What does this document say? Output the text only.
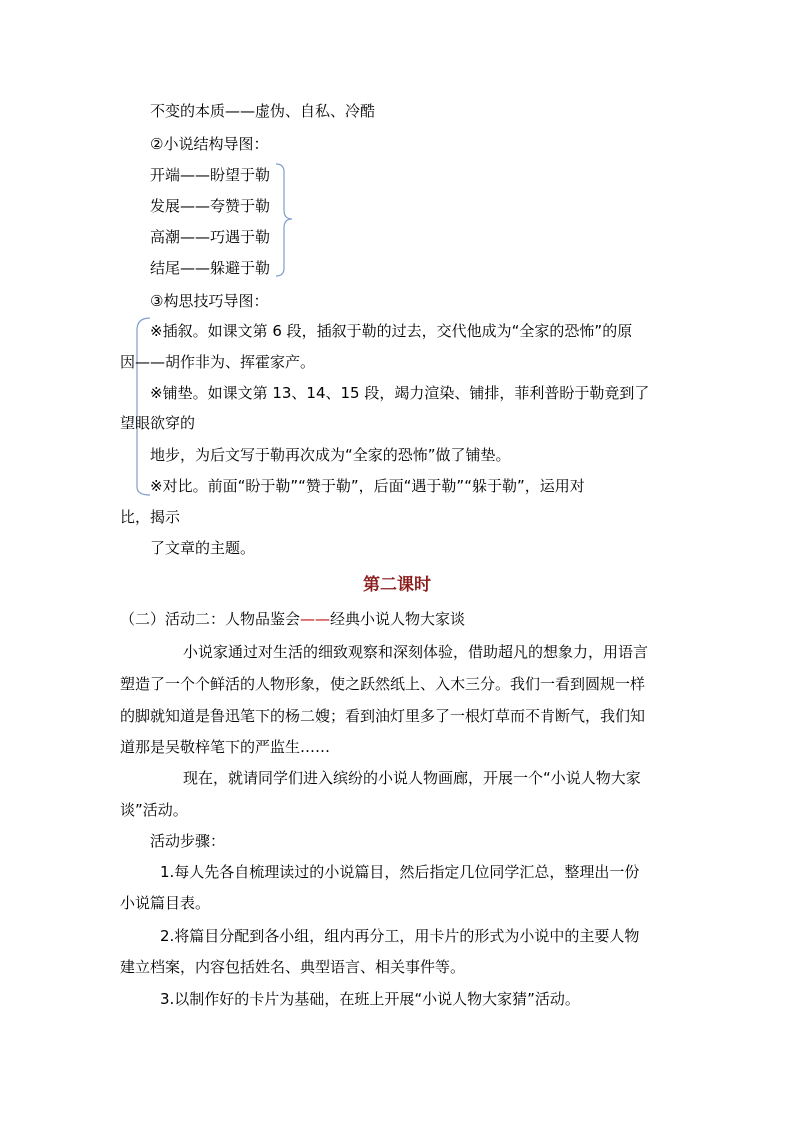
不变的本质——虚伪、自私、冷酷
②小说结构导图：
开端——盼望于勒
发展——夸赞于勒
高潮——巧遇于勒
结尾——躲避于勒
③构思技巧导图：
※插叙。如课文第 6 段，插叙于勒的过去，交代他成为“全家的恐怖”的原
因——胡作非为、挥霍家产。
※铺垫。如课文第 13、14、15 段，竭力渲染、铺排，菲利普盼于勒竟到了
望眼欲穿的
地步，为后文写于勒再次成为“全家的恐怖”做了铺垫。
※对比。前面“盼于勒”“赞于勒”，后面“遇于勒”“躲于勒”，运用对
比，揭示
了文章的主题。
第二课时
（二）活动二：人物品鉴会——经典小说人物大家谈
小说家通过对生活的细致观察和深刻体验，借助超凡的想象力，用语言
塑造了一个个鲜活的人物形象，使之跃然纸上、入木三分。我们一看到圆规一样
的脚就知道是鲁迅笔下的杨二嫂；看到油灯里多了一根灯草而不肯断气，我们知
道那是吴敬梓笔下的严监生……
现在，就请同学们进入缤纷的小说人物画廊，开展一个“小说人物大家
谈”活动。
活动步骤：
1.每人先各自梳理读过的小说篇目，然后指定几位同学汇总，整理出一份
小说篇目表。
2.将篇目分配到各小组，组内再分工，用卡片的形式为小说中的主要人物
建立档案，内容包括姓名、典型语言、相关事件等。
3.以制作好的卡片为基础，在班上开展“小说人物大家猜”活动。
